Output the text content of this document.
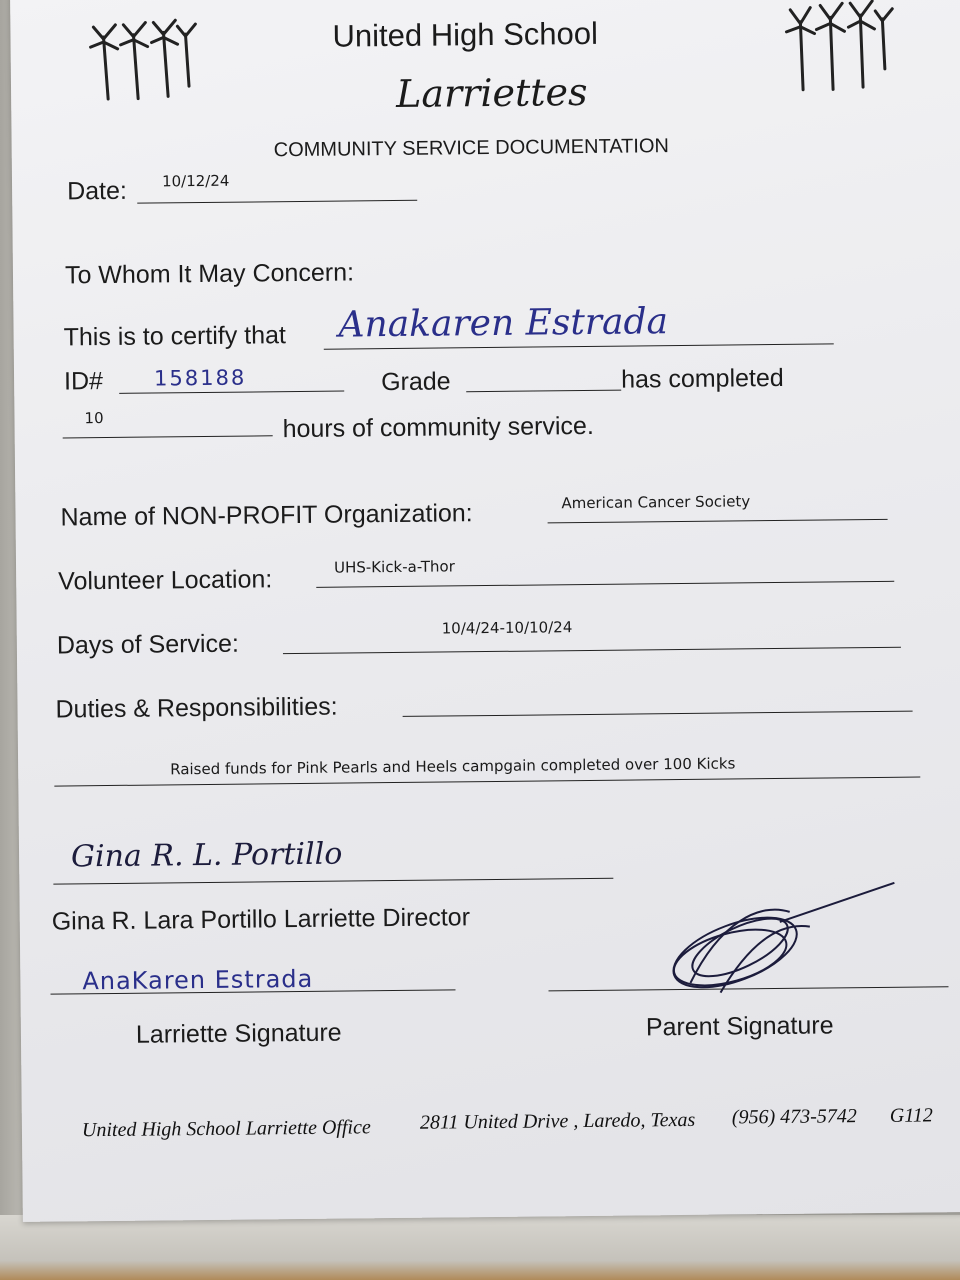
United High School
Larriettes
COMMUNITY SERVICE DOCUMENTATION
Date: 10/12/24
To Whom It May Concern:
This is to certify that Anakaren Estrada
ID# 158188	Grade	has completed
10	hours of community service.
Name of NON-PROFIT Organization:	American Cancer Society
Volunteer Location:	UHS-Kick-a-Thor
Days of Service:
10/4/24-10/10/24
Duties & Responsibilities:
Raised funds for Pink Pearls and Heels campgain completed over 100 Kicks
Gina R. L. Portillo
Gina R. Lara Portillo Larriette Director
AnaKaren Estrada
Larriette Signature	Parent Signature
United High School Larriette Office 2811 United Drive , Laredo, Texas (956) 473-5742 G112
